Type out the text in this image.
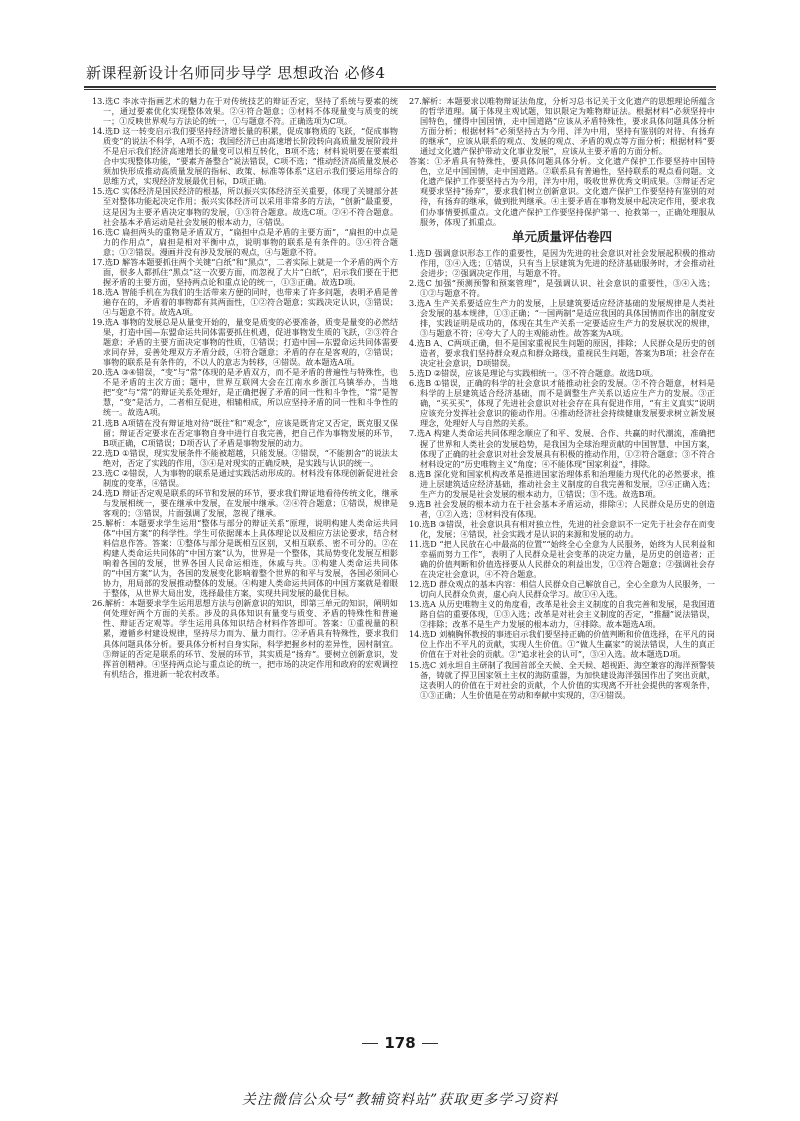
新课程新设计名师同步导学 思想政治 必修4

13.选C 李冰寺指画艺术的魅力在于对传统技艺的辩证否定，坚持了系统与要素的统一，通过要素优化实现整体效果。②④符合题意；③材料不体现量变与质变的统一；①反映世界观与方法论的统一，①与题意不符。正确选项为C项。

14.选D 这一转变启示我们要坚持经济增长量的积累，促成事物质的飞跃，“促成事物质变”的说法不科学，A项不选；我国经济已由高速增长阶段转向高质量发展阶段并不是启示我们经济高速增长的量变可以相互转化，B项不选；材料说明要在要素组合中实现整体功能，“要素齐备整合”说法错误，C项不选；“推动经济高质量发展必须加快形成推动高质量发展的指标、政策、标准等体系”这启示我们要运用综合的思维方式，实现经济发展最优目标，D项正确。

15.选C 实体经济是国民经济的根基，所以振兴实体经济至关重要，体现了关键部分甚至对整体功能起决定作用；振兴实体经济可以采用非常多的方法，“创新”最重要，这是因为主要矛盾决定事物的发展，①③符合题意。故选C项。②④不符合题意。社会基本矛盾运动是社会发展的根本动力，④错误。

16.选C 扁担两头的重物是矛盾双方，“扁担中点是矛盾的主要方面”，“扁担的中点是力的作用点”，扁担是相对平衡中点，说明事物的联系是有条件的。③④符合题意；①②错误。漫画并没有涉及发展的观点，④与题意不符。

17.选D 解答本题要抓住两个关键“白纸”和“黑点”，二者实际上就是一个矛盾的两个方面，很多人都抓住“黑点”这一次要方面，而忽视了大片“白纸”，启示我们要在于把握矛盾的主要方面，坚持两点论和重点论的统一，①③正确。故选D项。

18.选A 智能手机在为我们的生活带来方便的同时，也带来了许多问题，表明矛盾是普遍存在的，矛盾着的事物都有其两面性，①②符合题意；实践决定认识，③错误；④与题意不符。故选A项。

19.选A 事物的发展总是从量变开始的，量变是质变的必要准备，质变是量变的必然结果，打造中国—东盟命运共同体需要抓住机遇，促进事物发生质的飞跃，②③符合题意；矛盾的主要方面决定事物的性质，①错误；打造中国—东盟命运共同体需要求同存异，妥善处理双方矛盾分歧，④符合题意；矛盾的存在是客观的，②错误；事物的联系是有条件的，不以人的意志为转移，④错误。故本题选A项。

20.选A ③④错误，“变”与“常”体现的是矛盾双方，而不是矛盾的普遍性与特殊性，也不是矛盾的主次方面；题中，世界互联网大会在江南水乡浙江乌镇举办，当地把“变”与“常”的辩证关系处理好，是正确把握了矛盾的同一性和斗争性，“常”是智慧，“变”是活力，二者相互促进，相辅相成，所以应坚持矛盾的同一性和斗争性的统一。故选A项。

21.选B A项错在没有辩证地对待“既往”和“观念”，应该是既肯定又否定，既克服又保留；辩证否定要求在否定事物自身中进行自我完善，把自己作为事物发展的环节，B项正确，C项错误；D项否认了矛盾是事物发展的动力。

22.选D ①错误，现实发展条件不能被超越，只能发展。②错误，“不能割舍”的说法太绝对，否定了实践的作用，③④是对现实的正确反映，是实践与认识的统一。

23.选C ②错误，人为事物的联系是通过实践活动形成的。材料没有体现创新促进社会制度的变革，④错误。

24.选D 辩证否定观是联系的环节和发展的环节，要求我们辩证地看待传统文化，继承与发展相统一，要在继承中发展，在发展中继承。②④符合题意；①错误，规律是客观的；③错误，片面强调了发展，忽视了继承。

25.解析：本题要求学生运用“整体与部分的辩证关系”原理，说明构建人类命运共同体“中国方案”的科学性。学生可依据课本上具体理论以及相应方法论要求，结合材料信息作答。答案：①整体与部分是既相互区别，又相互联系、密不可分的。②在构建人类命运共同体的“中国方案”认为，世界是一个整体，其局势变化发展互相影响着各国的发展，世界各国人民命运相连，休戚与共。③构建人类命运共同体的“中国方案”认为，各国的发展变化影响着整个世界的和平与发展，各国必须同心协力，用局部的发展推动整体的发展。④构建人类命运共同体的中国方案就是着眼于整体，从世界大局出发，选择最佳方案，实现共同发展的最优目标。

26.解析：本题要求学生运用思想方法与创新意识的知识，即第三单元的知识，阐明如何处理好两个方面的关系。涉及的具体知识有量变与质变、矛盾的特殊性和普遍性、辩证否定观等。学生运用具体知识结合材料作答即可。答案：①重视量的积累，遵循乡村建设规律，坚持尽力而为、量力而行。②矛盾具有特殊性，要求我们具体问题具体分析。要具体分析村自身实际，科学把握乡村的差异性，因村制宜。③辩证的否定是联系的环节、发展的环节，其实质是“扬弃”。要树立创新意识，发挥首创精神。④坚持两点论与重点论的统一，把市场的决定作用和政府的宏观调控有机结合，推进新一轮农村改革。

27.解析：本题要求以唯物辩证法角度，分析习总书记关于文化遗产的思想理论所蕴含的哲学道理。属于体现主观试题，知识限定为唯物辩证法。根据材料“必须坚持中国特色，懂得中国国情，走中国道路”应该从矛盾特殊性，要求具体问题具体分析方面分析；根据材料“必须坚持古为今用、洋为中用，坚持有鉴别的对待、有扬弃的继承”，应该从联系的观点、发展的观点、矛盾的观点等方面分析；根据材料“要通过文化遗产保护带动文化事业发展”，应该从主要矛盾的方面分析。

答案：①矛盾具有特殊性，要具体问题具体分析。文化遗产保护工作要坚持中国特色，立足中国国情，走中国道路。②联系具有普遍性，坚持联系的观点看问题。文化遗产保护工作要坚持古为今用，洋为中用，吸收世界优秀文明成果。③辩证否定观要求坚持“扬弃”，要求我们树立创新意识。文化遗产保护工作要坚持有鉴别的对待，有扬弃的继承，做到批判继承。④主要矛盾在事物发展中起决定作用，要求我们办事情要抓重点。文化遗产保护工作要坚持保护第一、抢救第一，正确处理服从服务，体现了抓重点。

单元质量评估卷四

1.选D 强调意识形态工作的重要性，是因为先进的社会意识对社会发展起积极的推动作用，③④入选；①错误，只有当上层建筑为先进的经济基础服务时，才会推动社会进步；②强调决定作用，与题意不符。

2.选C 加强“预测预警和预案管理”，是强调认识、社会意识的重要性，③④入选；①②与题意不符。

3.选A 生产关系要适应生产力的发展，上层建筑要适应经济基础的发展规律是人类社会发展的基本规律，①③正确；“一国两制”是适应我国的具体国情而作出的制度安排，实践证明是成功的，体现在其生产关系一定要适应生产力的发展状况的规律，③与题意不符；④夸大了人的主观能动性。故答案为A项。

4.选B A、C两项正确，但不是国家重视民生问题的原因，排除；人民群众是历史的创造者，要求我们坚持群众观点和群众路线，重视民生问题，答案为B项；社会存在决定社会意识，D项错误。

5.选D ②错误，应该是理论与实践相统一。③不符合题意。故选D项。

6.选B ①错误，正确的科学的社会意识才能推动社会的发展。②不符合题意，材料是科学的上层建筑适合经济基础，而不是调整生产关系以适应生产力的发展。③正确，“买买买”，体现了先进社会意识对社会存在具有促进作用，“有主义真实”说明应该充分发挥社会意识的能动作用。④推动经济社会持续健康发展要求树立新发展理念，处理好人与自然的关系。

7.选A 构建人类命运共同体理念顺应了和平、发展、合作、共赢的时代潮流，准确把握了世界和人类社会的发展趋势，是我国为全球治理贡献的中国智慧、中国方案，体现了正确的社会意识对社会发展具有积极的推动作用，①②符合题意；③不符合材料设定的“历史唯物主义”角度；④不能体现“国家利益”，排除。

8.选B 深化党和国家机构改革是推进国家治理体系和治理能力现代化的必然要求，推进上层建筑适应经济基础，推动社会主义制度的自我完善和发展，②④正确入选；生产力的发展是社会发展的根本动力，①错误；③不选。故选B项。

9.选B 社会发展的根本动力在于社会基本矛盾运动，排除④；人民群众是历史的创造者，①②入选；③材料没有体现。

10.选B ③错误，社会意识具有相对独立性，先进的社会意识不一定先于社会存在而变化，发展；④错误，社会实践才是认识的来源和发展的动力。

11.选D “把人民放在心中最高的位置”“始终全心全意为人民服务，始终为人民利益和幸福而努力工作”，表明了人民群众是社会变革的决定力量，是历史的创造者；正确的价值判断和价值选择要从人民群众的利益出发，①③符合题意；②强调社会存在决定社会意识，④不符合题意。

12.选D 群众观点的基本内容：相信人民群众自己解放自己，全心全意为人民服务，一切向人民群众负责，虚心向人民群众学习。故①④入选。

13.选A 从历史唯物主义的角度看，改革是社会主义制度的自我完善和发展，是我国道路自信的重要体现，①③入选；改革是对社会主义制度的否定，“推翻”说法错误，②排除；改革不是生产力发展的根本动力，④排除。故本题选A项。

14.选D 刘楠胸怀教授的事迹启示我们要坚持正确的价值判断和价值选择，在平凡的岗位上作出不平凡的贡献，实现人生价值。①“做人生赢家”的说法错误，人生的真正价值在于对社会的贡献。②“追求社会的认可”，③④入选。故本题选D项。

15.选C 刘永坦自主研制了我国首部全天候、全天候、超视距、海空兼容的海洋预警装备，铸就了捍卫国家领土主权的海防重器，为加快建设海洋强国作出了突出贡献，这表明人的价值在于对社会的贡献，个人价值的实现离不开社会提供的客观条件，①③正确；人生价值是在劳动和奉献中实现的，②④错误。

178
关注微信公众号“教辅资料站”获取更多学习资料
